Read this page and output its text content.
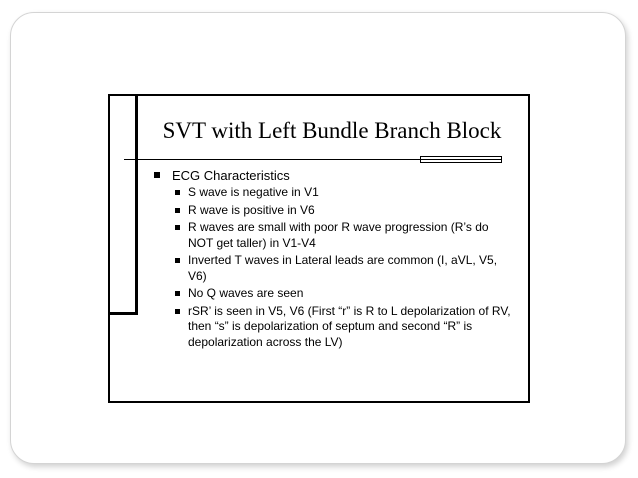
SVT with Left Bundle Branch Block
ECG Characteristics
S wave is negative in V1
R wave is positive in V6
R waves are small with poor R wave progression (R’s do NOT get taller) in V1-V4
Inverted T waves in Lateral leads are common (I, aVL, V5, V6)
No Q waves are seen
rSR’ is seen in V5, V6 (First “r” is R to L depolarization of RV, then “s” is depolarization of septum and second “R” is depolarization across the LV)
